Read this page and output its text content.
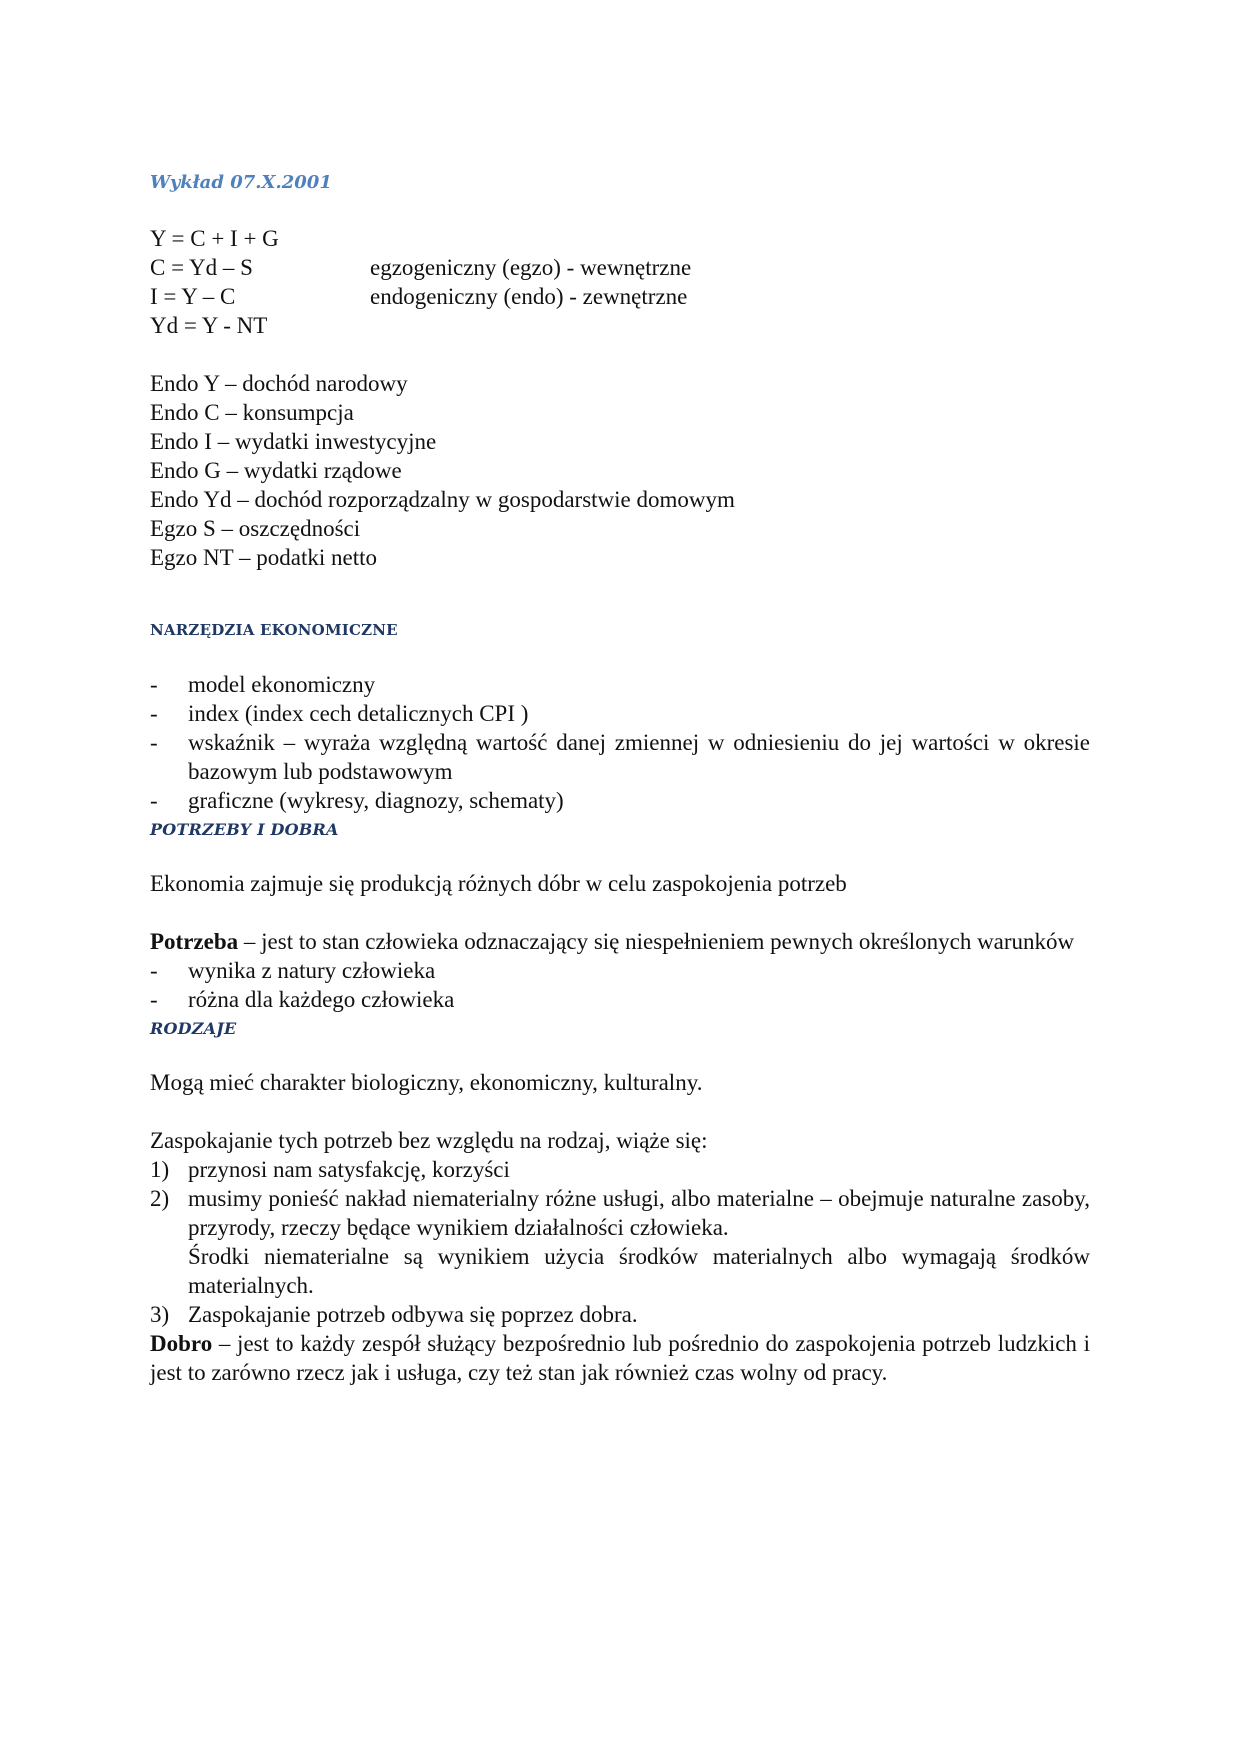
Wykład 07.X.2001
Y = C + I + G
C = Yd – S	egzogeniczny (egzo) - wewnętrzne
I = Y – C	endogeniczny (endo) - zewnętrzne
Yd = Y - NT
Endo Y – dochód narodowy
Endo C – konsumpcja
Endo I – wydatki inwestycyjne
Endo G – wydatki rządowe
Endo Yd – dochód rozporządzalny w gospodarstwie domowym
Egzo S – oszczędności
Egzo NT – podatki netto
NARZĘDZIA EKONOMICZNE
-	model ekonomiczny
-	index (index cech detalicznych CPI )
-	wskaźnik – wyraża względną wartość danej zmiennej w odniesieniu do jej wartości w okresie bazowym lub podstawowym
-	graficzne (wykresy, diagnozy, schematy)
POTRZEBY I DOBRA
Ekonomia zajmuje się produkcją różnych dóbr w celu zaspokojenia potrzeb
Potrzeba – jest to stan człowieka odznaczający się niespełnieniem pewnych określonych warunków
-	wynika z natury człowieka
-	różna dla każdego człowieka
RODZAJE
Mogą mieć charakter biologiczny, ekonomiczny, kulturalny.
Zaspokajanie tych potrzeb bez względu na rodzaj, wiąże się:
1) przynosi nam satysfakcję, korzyści
2) musimy ponieść nakład niematerialny różne usługi, albo materialne – obejmuje naturalne zasoby, przyrody, rzeczy będące wynikiem działalności człowieka.
Środki niematerialne są wynikiem użycia środków materialnych albo wymagają środków materialnych.
3) Zaspokajanie potrzeb odbywa się poprzez dobra.
Dobro – jest to każdy zespół służący bezpośrednio lub pośrednio do zaspokojenia potrzeb ludzkich i jest to zarówno rzecz jak i usługa, czy też stan jak również czas wolny od pracy.
